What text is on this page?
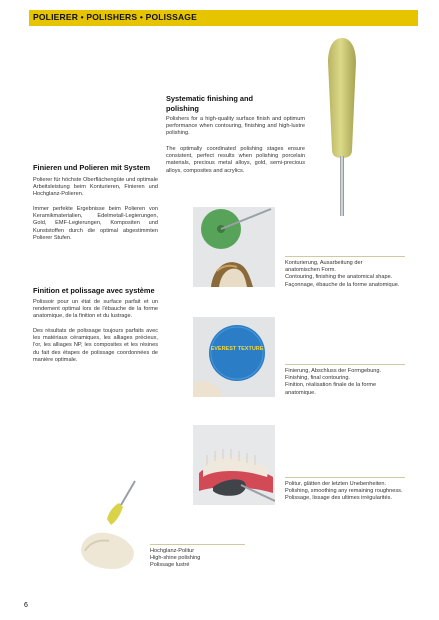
POLIERER • POLISHERS • POLISSAGE
Systematic finishing and polishing
Polishers for a high-quality surface finish and optimum performance when contouring, finishing and high-lustre polishing.
The optimally coordinated polishing stages ensure consistent, perfect results when polishing porcelain materials, precious metal alloys, gold, semi-precious alloys, composites and acrylics.
Finieren und Polieren mit System
Polierer für höchste Oberflächengüte und optimale Arbeitsleistung beim Konturieren, Finieren und Hochglanz-Polieren.
Immer perfekte Ergebnisse beim Polieren von Keramikmaterialien, Edelmetall-Legierungen, Gold, EMF-Legierungen, Kompositen und Kunststoffen durch die optimal abgestimmten Polierer Stufen.
Finition et polissage avec système
Polissoir pour un état de surface parfait et un rendement optimal lors de l'ébauche de la forme anatomique, de la finition et du lustrage.
Des résultats de polissage toujours parfaits avec les matériaux céramiques, les alliages précieux, l'or, les alliages NP, les composites et les résines du fait des étapes de polissage coordonnées de manière optimale.
Konturierung, Ausarbeitung der
anatomischen Form.
Contouring, finishing the anatomical shape.
Façonnage, ébauche de la forme anatomique.
EVEREST TEXTURE
Finierung, Abschluss der Formgebung.
Finishing, final contouring.
Finition, réalisation finale de la forme
anatomique.
Politur, glätten der letzten Unebenheiten.
Polishing, smoothing any remaining roughness.
Polissage, lissage des ultimes irrégularités.
Hochglanz-Politur
High-shine polishing
Polissage lustré
6
